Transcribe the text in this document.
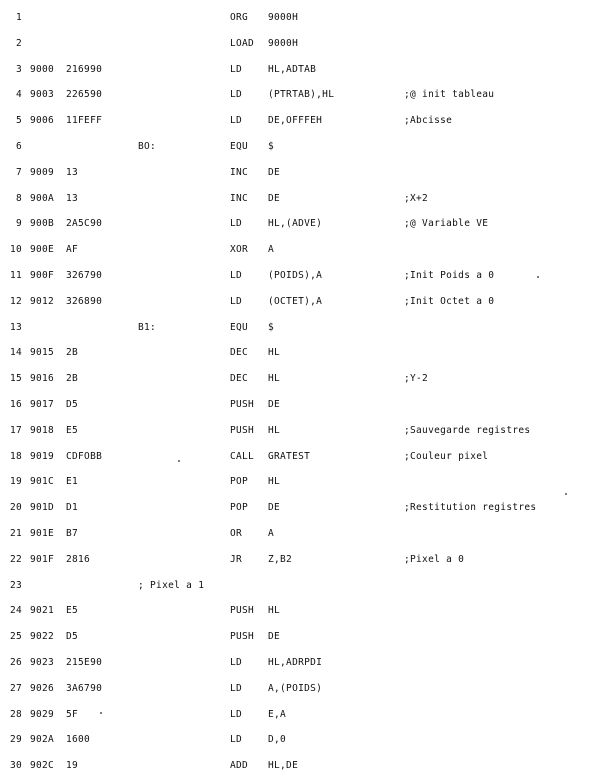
1	ORG 9000H
2	LOAD 9000H
3 9000 216990	LD	HL,ADTAB
4 9003 226590	LD	(PTRTAB),HL	;@ init tableau
5 9006 11FEFF	LD	DE,OFFFEH	;Abcisse
6	BO:	EQU $
7 9009 13	INC DE
8 900A 13	INC DE	;X+2
9 900B 2A5C90	LD	HL,(ADVE)	;@ Variable VE
10 900E AF	XOR A
11 900F 326790	LD	(POIDS),A	;Init Poids a 0
12 9012 326890	LD	(OCTET),A	;Init Octet a 0
13	B1:	EQU $
14 9015 2B	DEC HL
15 9016 2B	DEC HL	;Y-2
16 9017 D5	PUSH DE
17 9018 E5	PUSH HL	;Sauvegarde registres
18 9019 CDFOBB	CALL GRATEST	;Couleur pixel
19 901C E1	POP HL
20 901D D1	POP DE	;Restitution registres
21 901E B7	OR	A
22 901F 2816	JR	Z,B2	;Pixel a 0
23	; Pixel a 1
24 9021 E5	PUSH HL
25 9022 D5	PUSH DE
26 9023 215E90	LD	HL,ADRPDI
27 9026 3A6790	LD	A,(POIDS)
28 9029 5F	LD	E,A
29 902A 1600	LD	D,0
30 902C 19	ADD HL,DE
